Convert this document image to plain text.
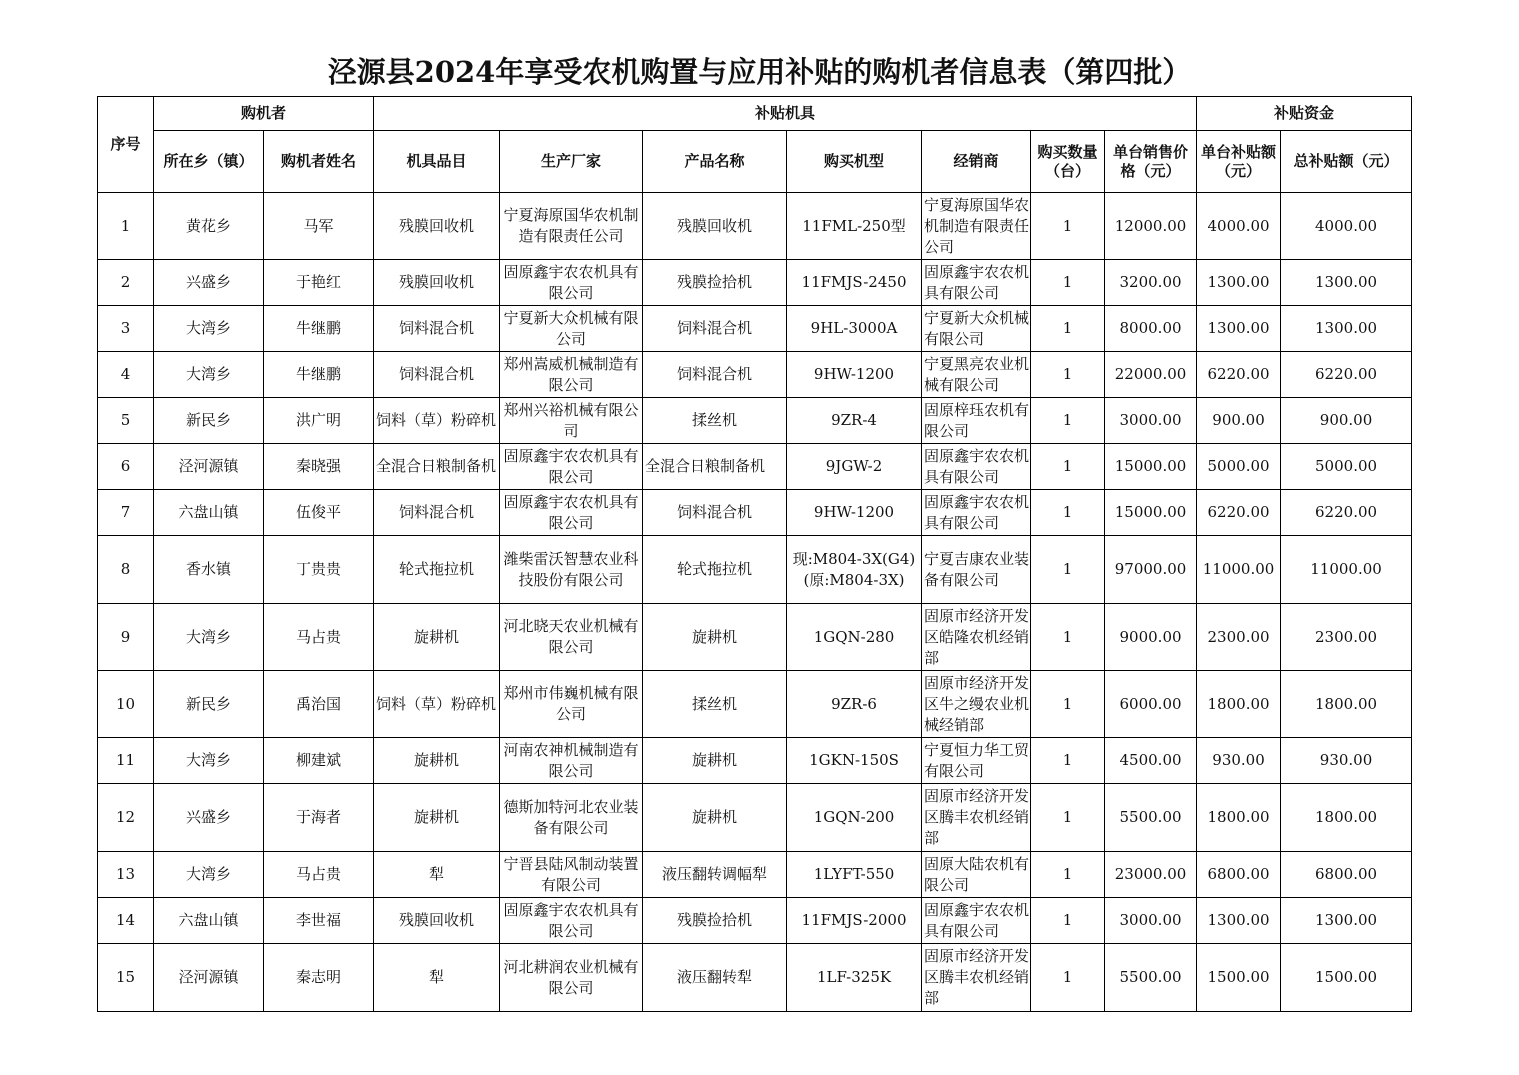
泾源县2024年享受农机购置与应用补贴的购机者信息表（第四批）
序号	购机者		补贴机具							补贴资金	
	所在乡（镇）	购机者姓名	机具品目	生产厂家	产品名称	购买机型	经销商	购买数量（台）	单台销售价格（元）	单台补贴额（元）	总补贴额（元）
1	黄花乡	马军	残膜回收机	宁夏海原国华农机制造有限责任公司	残膜回收机	11FML-250型	宁夏海原国华农机制造有限责任公司	1	12000.00	4000.00	4000.00
2	兴盛乡	于艳红	残膜回收机	固原鑫宇农农机具有限公司	残膜捡拾机	11FMJS-2450	固原鑫宇农农机具有限公司	1	3200.00	1300.00	1300.00
3	大湾乡	牛继鹏	饲料混合机	宁夏新大众机械有限公司	饲料混合机	9HL-3000A	宁夏新大众机械有限公司	1	8000.00	1300.00	1300.00
4	大湾乡	牛继鹏	饲料混合机	郑州嵩威机械制造有限公司	饲料混合机	9HW-1200	宁夏黑亮农业机械有限公司	1	22000.00	6220.00	6220.00
5	新民乡	洪广明	饲料（草）粉碎机	郑州兴裕机械有限公司	揉丝机	9ZR-4	固原梓珏农机有限公司	1	3000.00	900.00	900.00
6	泾河源镇	秦晓强	全混合日粮制备机	固原鑫宇农农机具有限公司	全混合日粮制备机	9JGW-2	固原鑫宇农农机具有限公司	1	15000.00	5000.00	5000.00
7	六盘山镇	伍俊平	饲料混合机	固原鑫宇农农机具有限公司	饲料混合机	9HW-1200	固原鑫宇农农机具有限公司	1	15000.00	6220.00	6220.00
8	香水镇	丁贵贵	轮式拖拉机	潍柴雷沃智慧农业科技股份有限公司	轮式拖拉机	现:M804-3X(G4)(原:M804-3X)	宁夏吉康农业装备有限公司	1	97000.00	11000.00	11000.00
9	大湾乡	马占贵	旋耕机	河北晓天农业机械有限公司	旋耕机	1GQN-280	固原市经济开发区皓隆农机经销部	1	9000.00	2300.00	2300.00
10	新民乡	禹治国	饲料（草）粉碎机	郑州市伟巍机械有限公司	揉丝机	9ZR-6	固原市经济开发区牛之缦农业机械经销部	1	6000.00	1800.00	1800.00
11	大湾乡	柳建斌	旋耕机	河南农神机械制造有限公司	旋耕机	1GKN-150S	宁夏恒力华工贸有限公司	1	4500.00	930.00	930.00
12	兴盛乡	于海者	旋耕机	德斯加特河北农业装备有限公司	旋耕机	1GQN-200	固原市经济开发区腾丰农机经销部	1	5500.00	1800.00	1800.00
13	大湾乡	马占贵	犁	宁晋县陆风制动装置有限公司	液压翻转调幅犁	1LYFT-550	固原大陆农机有限公司	1	23000.00	6800.00	6800.00
14	六盘山镇	李世福	残膜回收机	固原鑫宇农农机具有限公司	残膜捡拾机	11FMJS-2000	固原鑫宇农农机具有限公司	1	3000.00	1300.00	1300.00
15	泾河源镇	秦志明	犁	河北耕润农业机械有限公司	液压翻转犁	1LF-325K	固原市经济开发区腾丰农机经销部	1	5500.00	1500.00	1500.00
